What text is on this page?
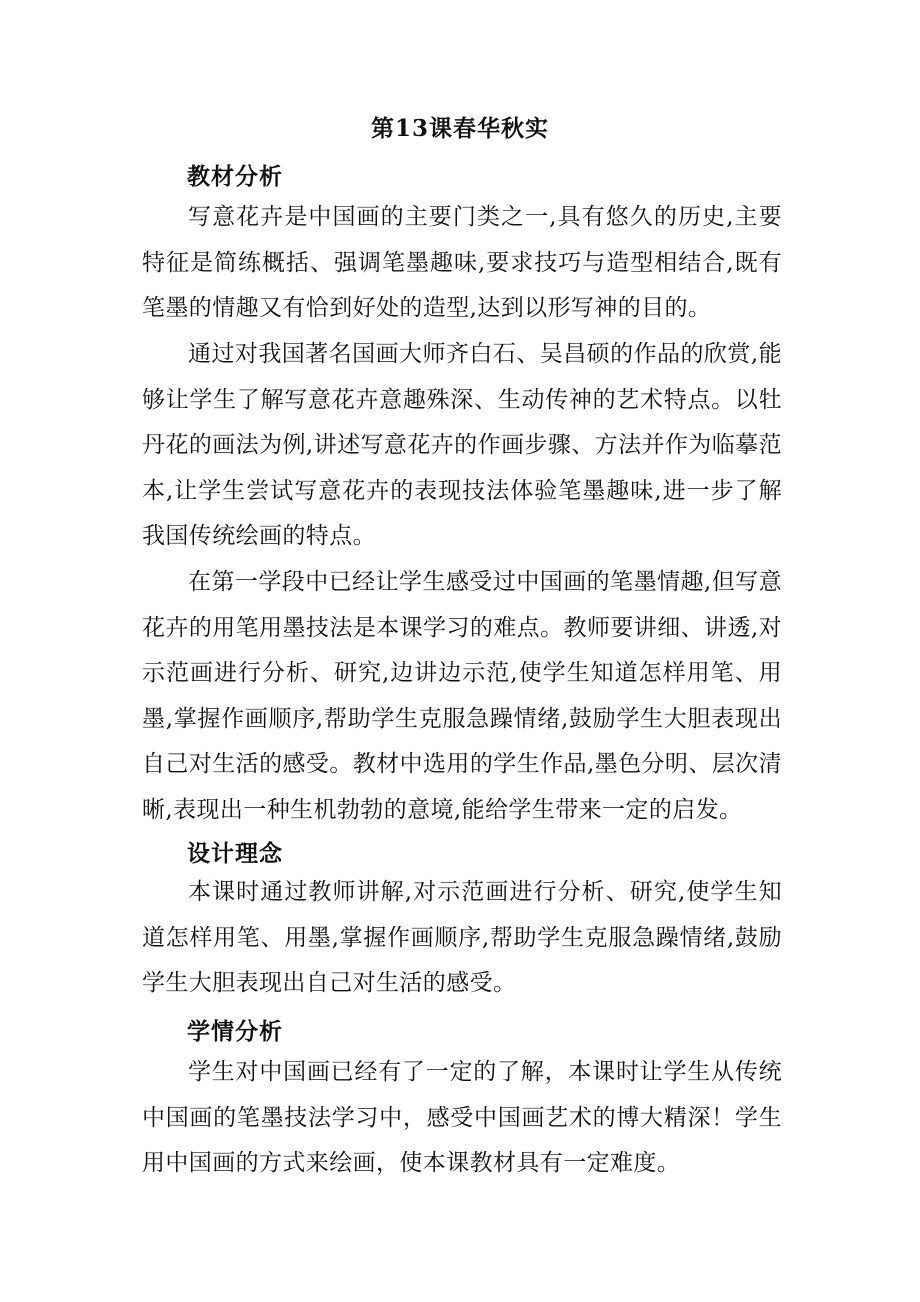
第13课春华秋实
教材分析

写意花卉是中国画的主要门类之一,具有悠久的历史,主要特征是简练概括、强调笔墨趣味,要求技巧与造型相结合,既有笔墨的情趣又有恰到好处的造型,达到以形写神的目的。

通过对我国著名国画大师齐白石、吴昌硕的作品的欣赏,能够让学生了解写意花卉意趣殊深、生动传神的艺术特点。以牡丹花的画法为例,讲述写意花卉的作画步骤、方法并作为临摹范本,让学生尝试写意花卉的表现技法体验笔墨趣味,进一步了解我国传统绘画的特点。

在第一学段中已经让学生感受过中国画的笔墨情趣,但写意花卉的用笔用墨技法是本课学习的难点。教师要讲细、讲透,对示范画进行分析、研究,边讲边示范,使学生知道怎样用笔、用墨,掌握作画顺序,帮助学生克服急躁情绪,鼓励学生大胆表现出自己对生活的感受。教材中选用的学生作品,墨色分明、层次清晰,表现出一种生机勃勃的意境,能给学生带来一定的启发。

设计理念

本课时通过教师讲解,对示范画进行分析、研究,使学生知道怎样用笔、用墨,掌握作画顺序,帮助学生克服急躁情绪,鼓励学生大胆表现出自己对生活的感受。

学情分析

学生对中国画已经有了一定的了解，本课时让学生从传统中国画的笔墨技法学习中，感受中国画艺术的博大精深！学生用中国画的方式来绘画，使本课教材具有一定难度。
